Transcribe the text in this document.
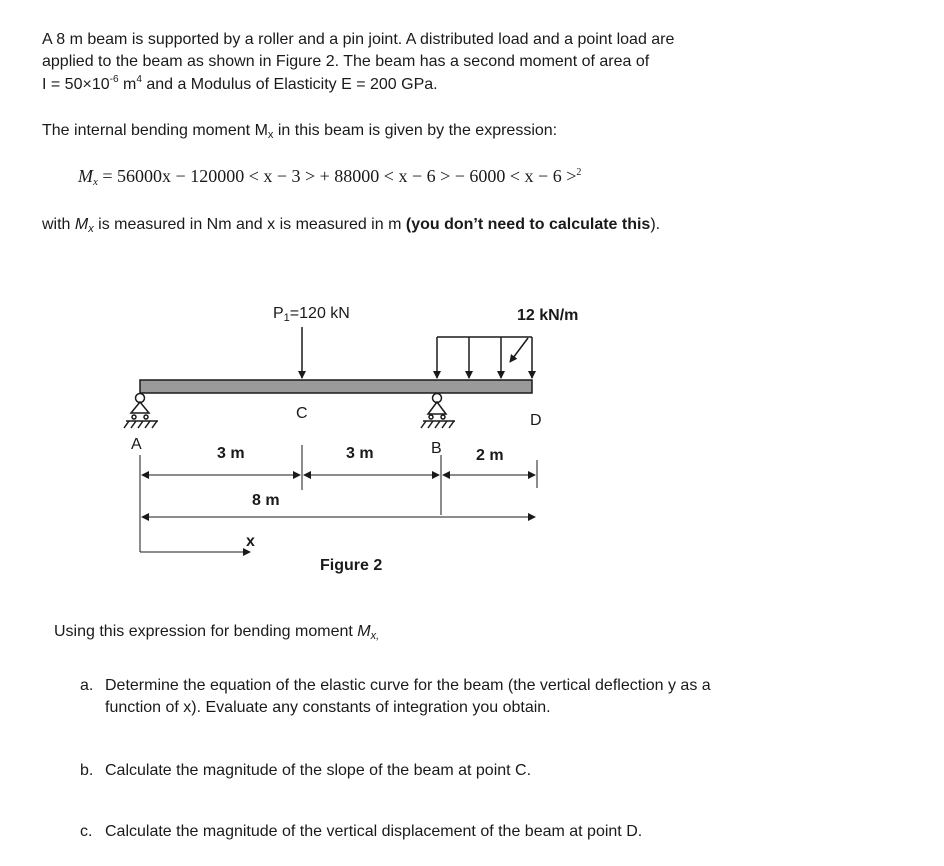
A 8 m beam is supported by a roller and a pin joint. A distributed load and a point load are
applied to the beam as shown in Figure 2. The beam has a second moment of area of
$I = 50\times 10^{-6}$ $m^4$ and a Modulus of Elasticity E = 200 GPa.
The internal bending moment $M_x$ in this beam is given by the expression:
$M_x = 56000x - 120000 < x - 3$ > + 88000 < x − 6 > − 6000 < x − 6 >$^2$
with $M_x$ is measured in Nm and x is measured in m (you don’t need to calculate this).
P1=120 kN	12 kN/m
A	B
C	D
3 m	3 m	2 m
8 m
x
Figure 2
Using this expression for bending moment $M_{x,}$
a. Determine the equation of the elastic curve for the beam (the vertical deflection y as a
function of x). Evaluate any constants of integration you obtain.
b. Calculate the magnitude of the slope of the beam at point C.
c. Calculate the magnitude of the vertical displacement of the beam at point D.
